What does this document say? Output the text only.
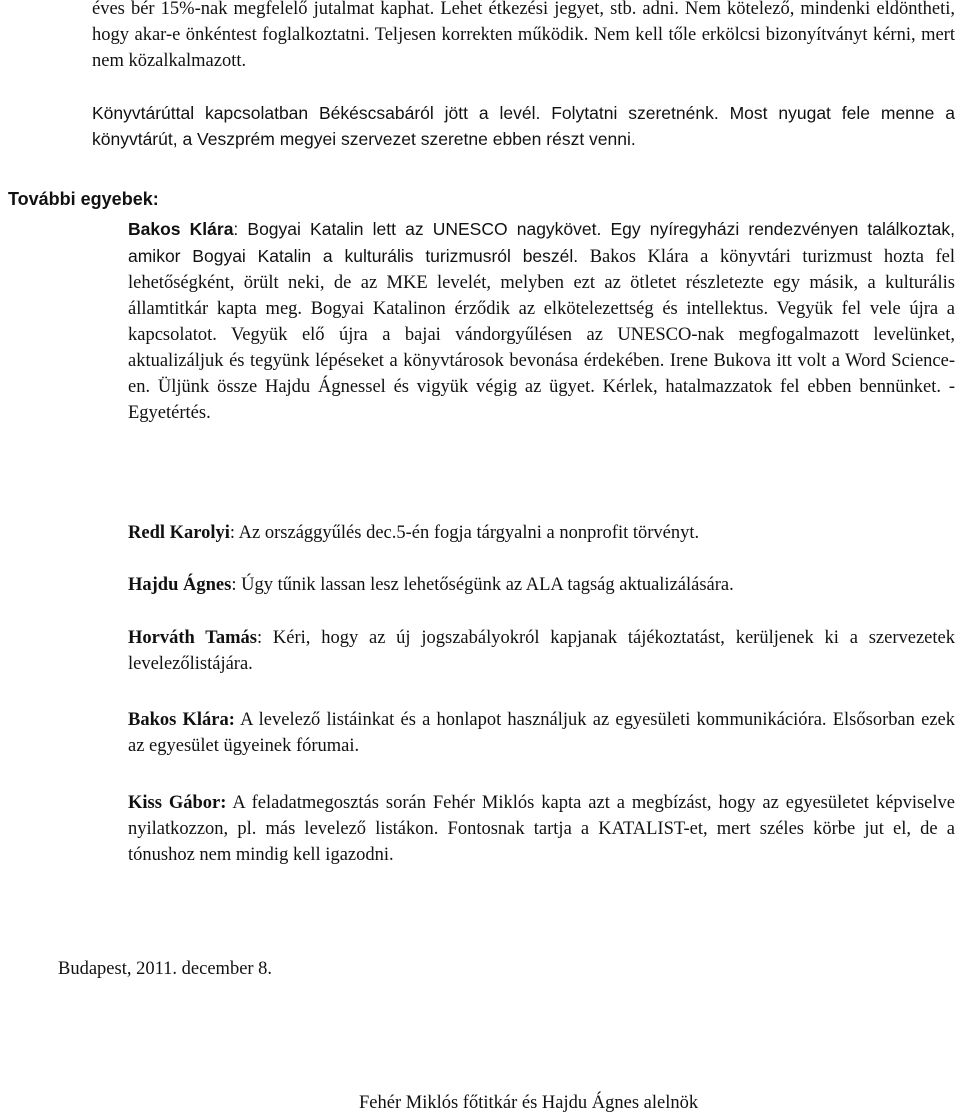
éves bér 15%-nak megfelelő jutalmat kaphat. Lehet étkezési jegyet, stb. adni. Nem kötelező, mindenki eldöntheti, hogy akar-e önkéntest foglalkoztatni. Teljesen korrekten működik. Nem kell tőle erkölcsi bizonyítványt kérni, mert nem közalkalmazott.

Könyvtárúttal kapcsolatban Békéscsabáról jött a levél. Folytatni szeretnénk. Most nyugat fele menne a könyvtárút, a Veszprém megyei szervezet szeretne ebben részt venni.

További egyebek:

Bakos Klára: Bogyai Katalin lett az UNESCO nagykövet. Egy nyíregyházi rendezvényen találkoztak, amikor Bogyai Katalin a kulturális turizmusról beszél. Bakos Klára a könyvtári turizmust hozta fel lehetőségként, örült neki, de az MKE levelét, melyben ezt az ötletet részletezte egy másik, a kulturális államtitkár kapta meg. Bogyai Katalinon érződik az elkötelezettség és intellektus. Vegyük fel vele újra a kapcsolatot. Vegyük elő újra a bajai vándorgyűlésen az UNESCO-nak megfogalmazott levelünket, aktualizáljuk és tegyünk lépéseket a könyvtárosok bevonása érdekében. Irene Bukova itt volt a Word Science-en. Üljünk össze Hajdu Ágnessel és vigyük végig az ügyet. Kérlek, hatalmazzatok fel ebben bennünket. - Egyetértés.

Redl Karolyi: Az országgyűlés dec.5-én fogja tárgyalni a nonprofit törvényt.

Hajdu Ágnes: Úgy tűnik lassan lesz lehetőségünk az ALA tagság aktualizálására.

Horváth Tamás: Kéri, hogy az új jogszabályokról kapjanak tájékoztatást, kerüljenek ki a szervezetek levelezőlistájára.

Bakos Klára: A levelező listáinkat és a honlapot használjuk az egyesületi kommunikációra. Elsősorban ezek az egyesület ügyeinek fórumai.

Kiss Gábor: A feladatmegosztás során Fehér Miklós kapta azt a megbízást, hogy az egyesületet képviselve nyilatkozzon, pl. más levelező listákon. Fontosnak tartja a KATALIST-et, mert széles körbe jut el, de a tónushoz nem mindig kell igazodni.

Budapest, 2011. december 8.
Fehér Miklós főtitkár és Hajdu Ágnes alelnök
